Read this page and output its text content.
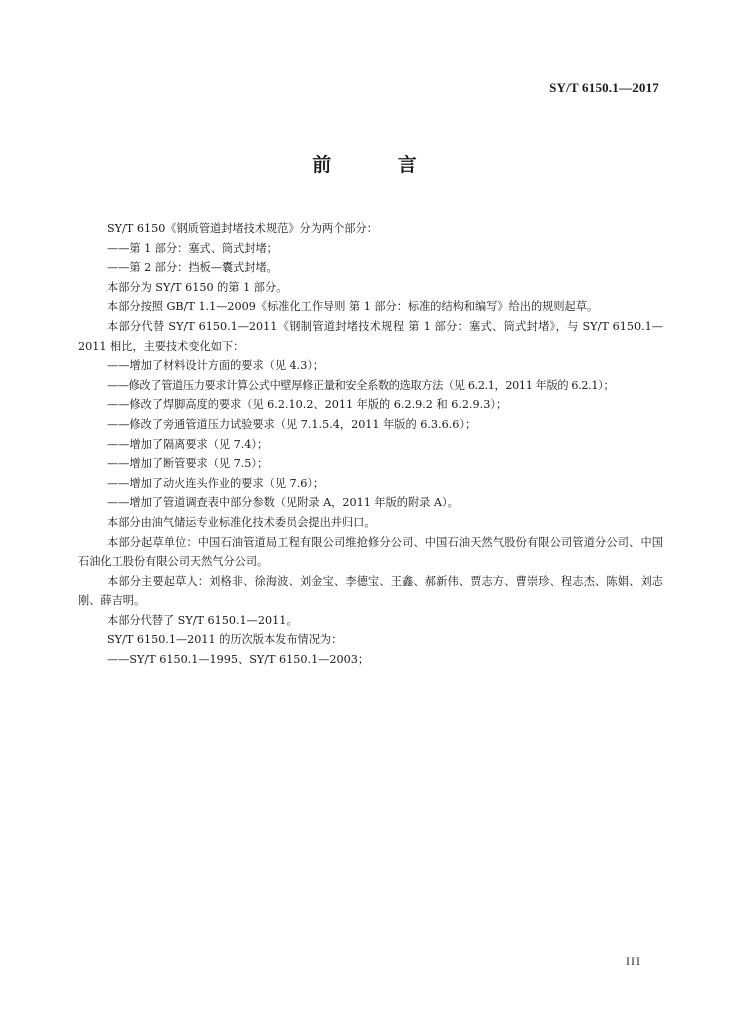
SY/T 6150.1—2017
前 言

SY/T 6150《钢质管道封堵技术规范》分为两个部分：

——第 1 部分：塞式、筒式封堵；

——第 2 部分：挡板—囊式封堵。

本部分为 SY/T 6150 的第 1 部分。

本部分按照 GB/T 1.1—2009《标准化工作导则 第 1 部分：标准的结构和编写》给出的规则起草。

本部分代替 SY/T 6150.1—2011《钢制管道封堵技术规程 第 1 部分：塞式、筒式封堵》，与 SY/T 6150.1—2011 相比，主要技术变化如下：

——增加了材料设计方面的要求（见 4.3）；

——修改了管道压力要求计算公式中壁厚修正量和安全系数的选取方法（见 6.2.1，2011 年版的 6.2.1）；

——修改了焊脚高度的要求（见 6.2.10.2、2011 年版的 6.2.9.2 和 6.2.9.3）；

——修改了旁通管道压力试验要求（见 7.1.5.4，2011 年版的 6.3.6.6）；

——增加了隔离要求（见 7.4）；

——增加了断管要求（见 7.5）；

——增加了动火连头作业的要求（见 7.6）；

——增加了管道调查表中部分参数（见附录 A，2011 年版的附录 A）。

本部分由油气储运专业标准化技术委员会提出并归口。

本部分起草单位：中国石油管道局工程有限公司维抢修分公司、中国石油天然气股份有限公司管道分公司、中国石油化工股份有限公司天然气分公司。

本部分主要起草人：刘格非、徐海波、刘金宝、李德宝、王鑫、郝新伟、贾志方、曹崇珍、程志杰、陈娟、刘志刚、薛吉明。

本部分代替了 SY/T 6150.1—2011。

SY/T 6150.1—2011 的历次版本发布情况为：

——SY/T 6150.1—1995、SY/T 6150.1—2003；

III
